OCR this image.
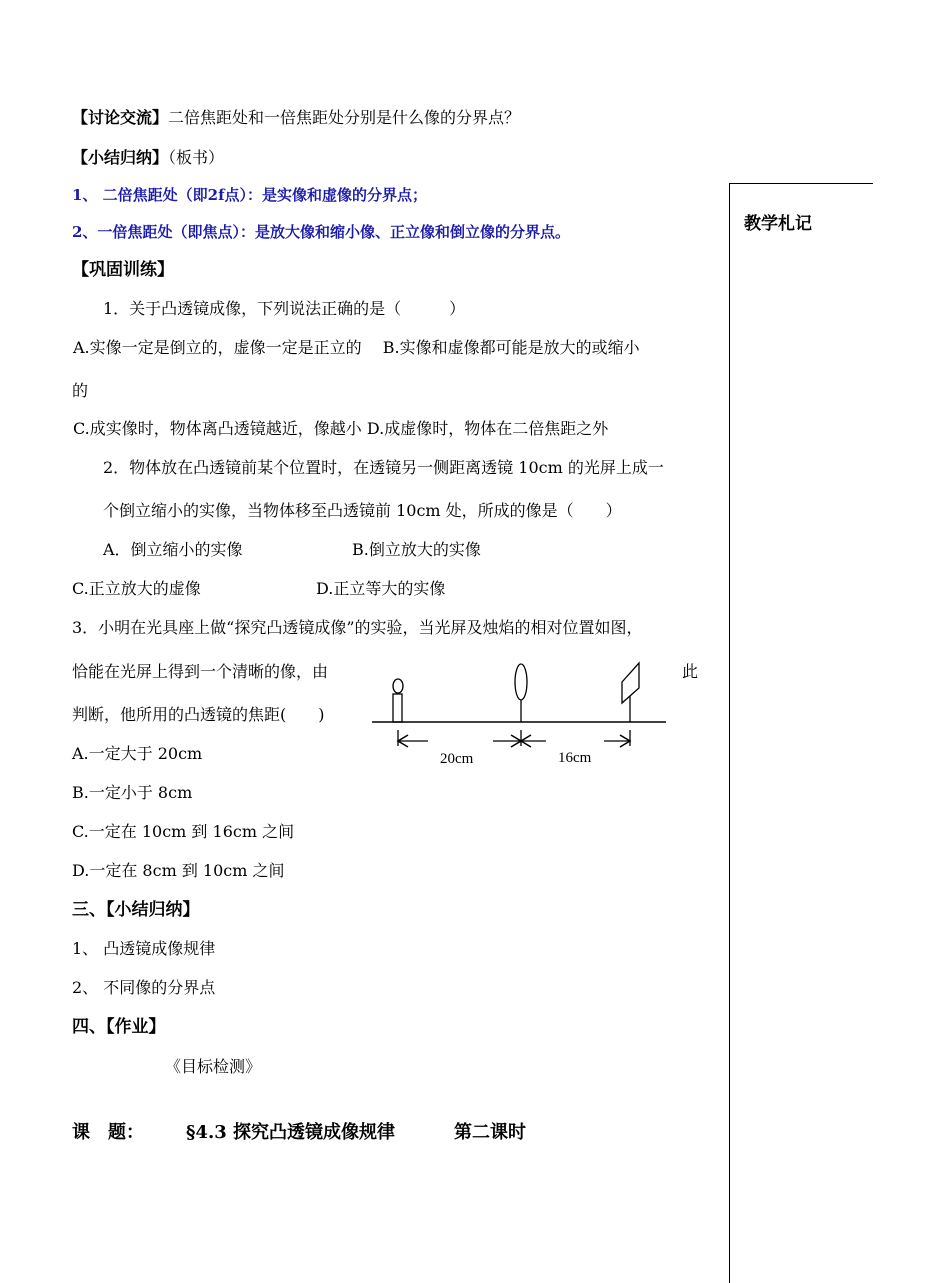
教学札记
【讨论交流】二倍焦距处和一倍焦距处分别是什么像的分界点？
【小结归纳】（板书）
1、 二倍焦距处（即2f点）：是实像和虚像的分界点；
2、一倍焦距处（即焦点）：是放大像和缩小像、正立像和倒立像的分界点。
【巩固训练】
1．关于凸透镜成像，下列说法正确的是（　　　）
A.实像一定是倒立的，虚像一定是正立的　 B.实像和虚像都可能是放大的或缩小
的
C.成实像时，物体离凸透镜越近，像越小 D.成虚像时，物体在二倍焦距之外
2．物体放在凸透镜前某个位置时，在透镜另一侧距离透镜 10cm 的光屏上成一
个倒立缩小的实像，当物体移至凸透镜前 10cm 处，所成的像是（　　）
A．倒立缩小的实像	B.倒立放大的实像
C.正立放大的虚像	D.正立等大的实像
3．小明在光具座上做“探究凸透镜成像”的实验，当光屏及烛焰的相对位置如图，
恰能在光屏上得到一个清晰的像，由	此
判断，他所用的凸透镜的焦距(　　)
20cm	16cm
A.一定大于 20cm
B.一定小于 8cm
C.一定在 10cm 到 16cm 之间
D.一定在 8cm 到 10cm 之间
三、【小结归纳】
1、 凸透镜成像规律
2、 不同像的分界点
四、【作业】
《目标检测》
课　题： §4.3 探究凸透镜成像规律	第二课时
